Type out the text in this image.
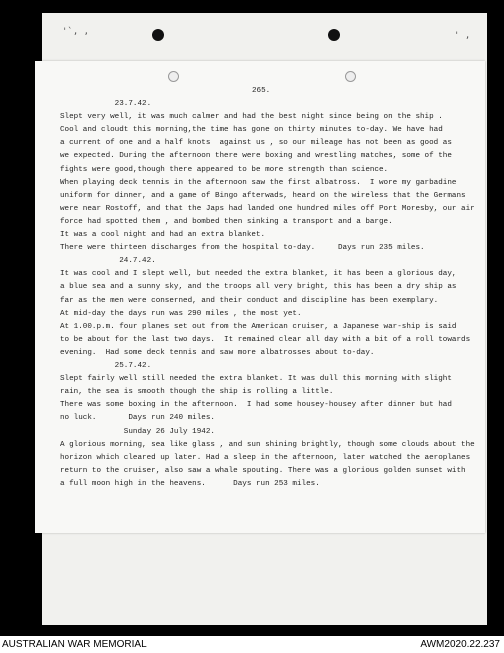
'`, ,	' ,
265.
23.7.42.
Slept very well, it was much calmer and had the best night since being on the ship .
Cool and cloudt this morning,the time has gone on thirty minutes to-day. We have had
a current of one and a half knots  against us , so our mileage has not been as good as
we expected. During the afternoon there were boxing and wrestling matches, some of the
fights were good,though there appeared to be more strength than science.
When playing deck tennis in the afternoon saw the first albatross.  I wore my garbadine
uniform for dinner, and a game of Bingo afterwads, heard on the wireless that the Germans
were near Rostoff, and that the Japs had landed one hundred miles off Port Moresby, our air
force had spotted them , and bombed then sinking a transport and a barge.
It was a cool night and had an extra blanket.
There were thirteen discharges from the hospital to-day.     Days run 235 miles.
24.7.42.
It was cool and I slept well, but needed the extra blanket, it has been a glorious day,
a blue sea and a sunny sky, and the troops all very bright, this has been a dry ship as
far as the men were conserned, and their conduct and discipline has been exemplary.
At mid-day the days run was 290 miles , the most yet.
At 1.00.p.m. four planes set out from the American cruiser, a Japanese war-ship is said
to be about for the last two days.  It remained clear all day with a bit of a roll towards
evening.  Had some deck tennis and saw more albatrosses about to-day.
25.7.42.
Slept fairly well still needed the extra blanket. It was dull this morning with slight
rain, the sea is smooth though the ship is rolling a little.
There was some boxing in the afternoon.  I had some housey-housey after dinner but had
no luck.       Days run 240 miles.
Sunday 26 July 1942.
A glorious morning, sea like glass , and sun shining brightly, though some clouds about the
horizon which cleared up later. Had a sleep in the afternoon, later watched the aeroplanes
return to the cruiser, also saw a whale spouting. There was a glorious golden sunset with
a full moon high in the heavens.      Days run 253 miles.
AUSTRALIAN WAR MEMORIAL	AWM2020.22.237
